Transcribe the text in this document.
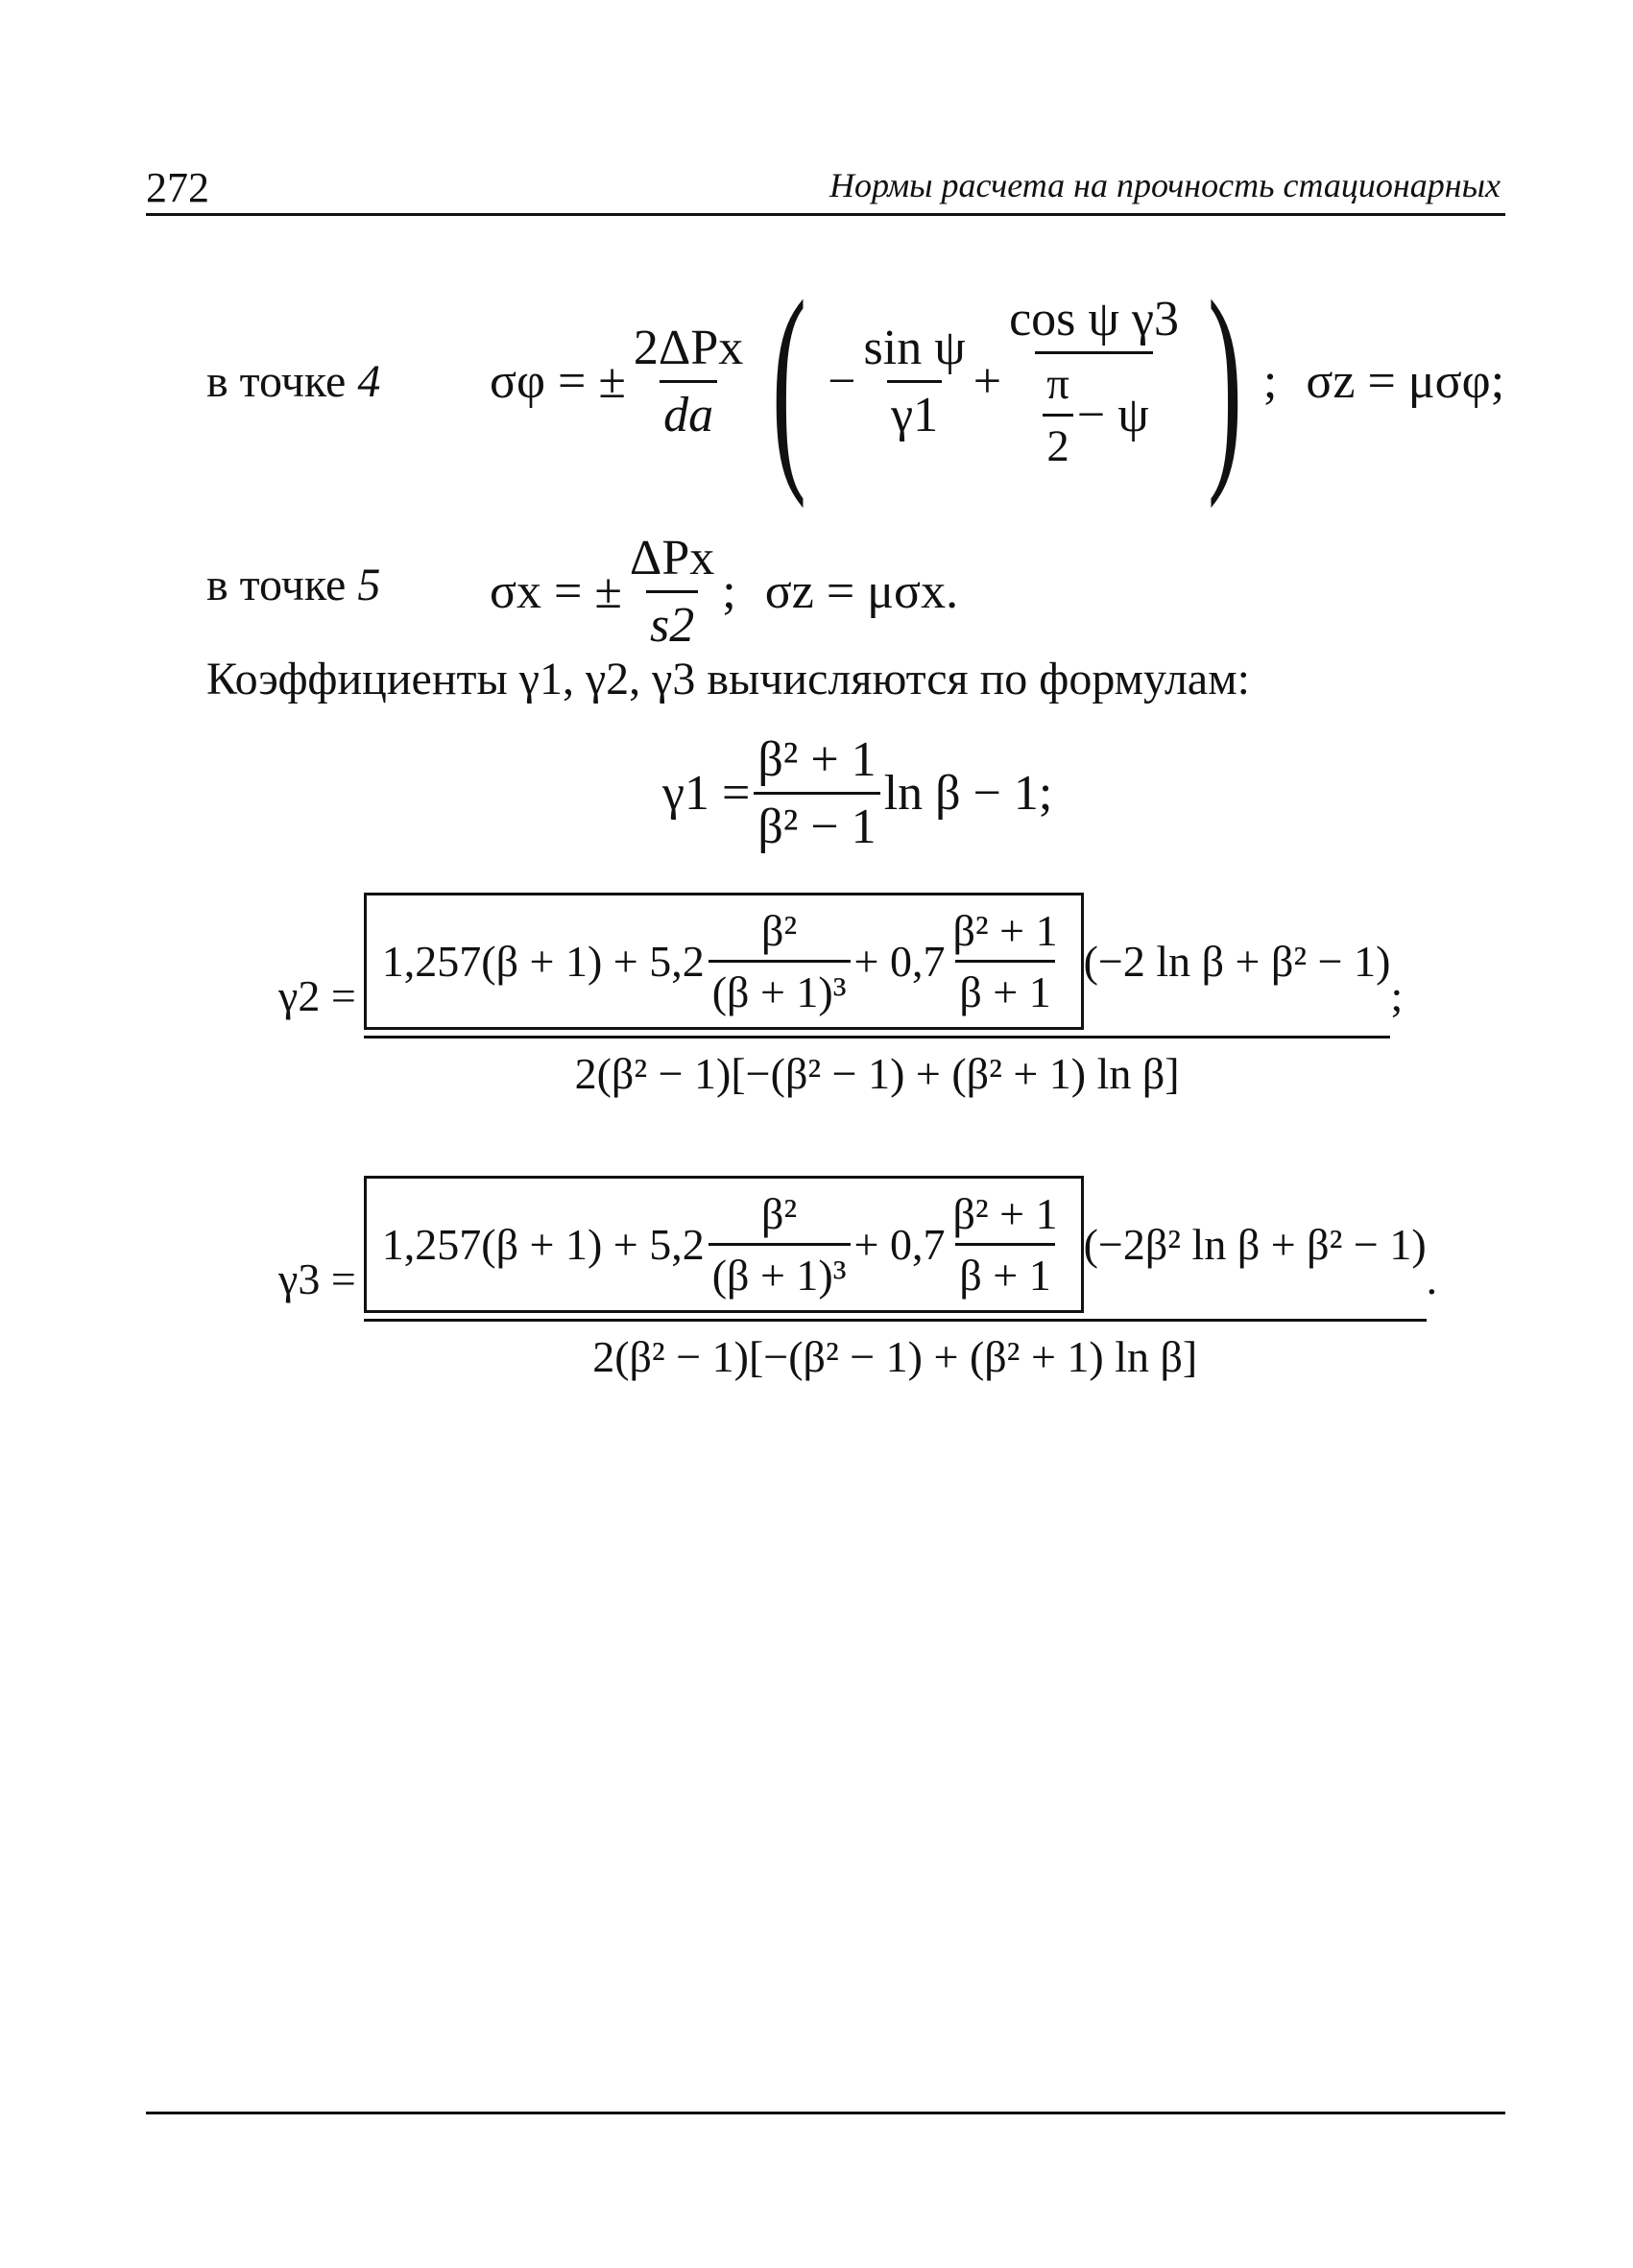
272	Нормы расчета на прочность стационарных
в точке 4 σφ = ± $\frac{\text{2ΔPx}}{da}$ ( − $\frac{\text{sin ψ}}{\gamma 1} + \frac{\text{cos ψ γ3}}{\frac{\pi}{2} - \psi}$ ) ; σz = μσφ;
в точке 5 σx = ± $\frac{\text{ΔPx}}{s2}$ ; σz = μσx.
Коэффициенты γ1, γ2, γ3 вычисляются по формулам:
$\gamma 1 = \frac{\text{β² + 1}}{\text{β² − 1}}$ ln β − 1;
γ2 =
$1,257(\beta + 1) + 5,2 \frac{\text{β²}}{\text{(β + 1)³}} + 0,7 \frac{\text{β² + 1}}{\beta + 1} (-2$ ln β + β² − 1)
2(β² − 1)[−(β² − 1) + (β² + 1) ln β]
;
γ3 =
$1,257(\beta + 1) + 5,2 \frac{\text{β²}}{\text{(β + 1)³}} + 0,7 \frac{\text{β² + 1}}{\beta + 1} (-2\beta^2$ ln β + β² − 1)
2(β² − 1)[−(β² − 1) + (β² + 1) ln β]
.
